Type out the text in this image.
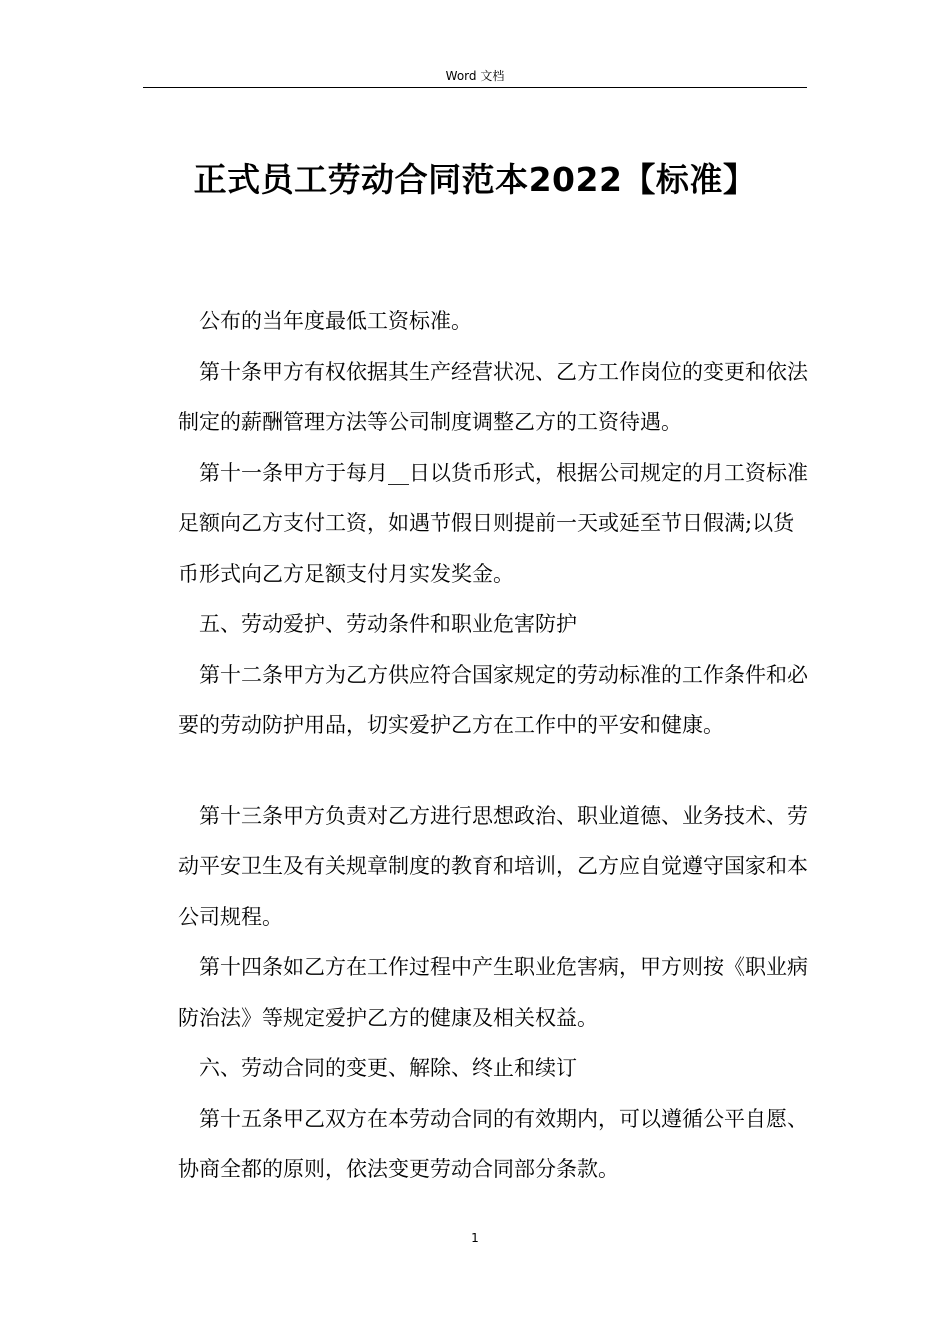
Word 文档
正式员工劳动合同范本2022【标准】

公布的当年度最低工资标准。

第十条甲方有权依据其生产经营状况、乙方工作岗位的变更和依法制定的薪酬管理方法等公司制度调整乙方的工资待遇。

第十一条甲方于每月__日以货币形式，根据公司规定的月工资标准足额向乙方支付工资，如遇节假日则提前一天或延至节日假满;以货币形式向乙方足额支付月实发奖金。

五、劳动爱护、劳动条件和职业危害防护

第十二条甲方为乙方供应符合国家规定的劳动标准的工作条件和必要的劳动防护用品，切实爱护乙方在工作中的平安和健康。

第十三条甲方负责对乙方进行思想政治、职业道德、业务技术、劳动平安卫生及有关规章制度的教育和培训，乙方应自觉遵守国家和本公司规程。

第十四条如乙方在工作过程中产生职业危害病，甲方则按《职业病防治法》等规定爱护乙方的健康及相关权益。

六、劳动合同的变更、解除、终止和续订

第十五条甲乙双方在本劳动合同的有效期内，可以遵循公平自愿、协商全都的原则，依法变更劳动合同部分条款。

1
